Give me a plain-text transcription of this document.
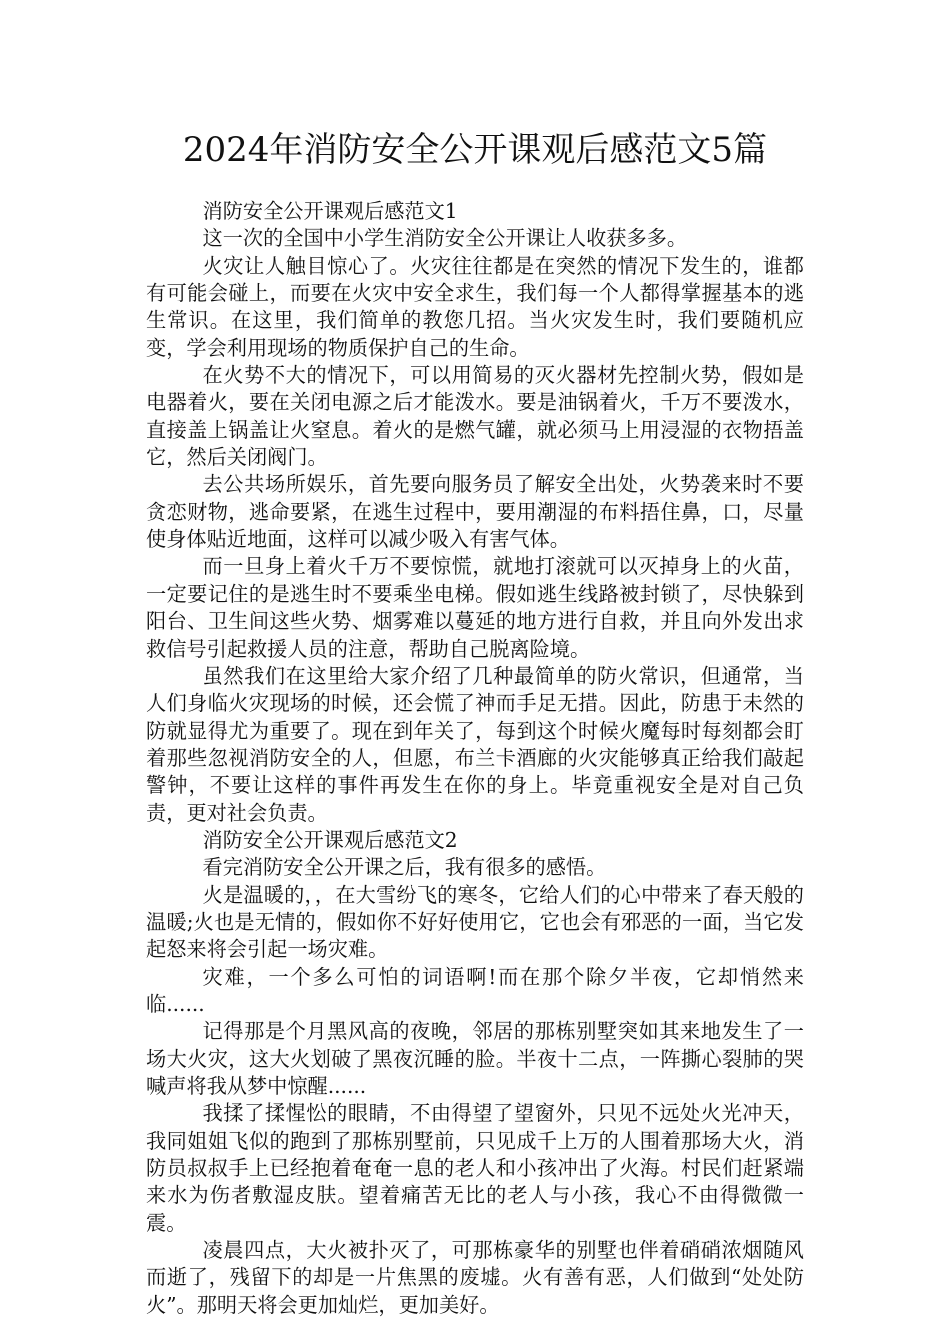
2024年消防安全公开课观后感范文5篇

消防安全公开课观后感范文1

这一次的全国中小学生消防安全公开课让人收获多多。

火灾让人触目惊心了。火灾往往都是在突然的情况下发生的，谁都有可能会碰上，而要在火灾中安全求生，我们每一个人都得掌握基本的逃生常识。在这里，我们简单的教您几招。当火灾发生时，我们要随机应变，学会利用现场的物质保护自己的生命。

在火势不大的情况下，可以用简易的灭火器材先控制火势，假如是电器着火，要在关闭电源之后才能泼水。要是油锅着火，千万不要泼水，直接盖上锅盖让火窒息。着火的是燃气罐，就必须马上用浸湿的衣物捂盖它，然后关闭阀门。

去公共场所娱乐，首先要向服务员了解安全出处，火势袭来时不要贪恋财物，逃命要紧，在逃生过程中，要用潮湿的布料捂住鼻，口，尽量使身体贴近地面，这样可以减少吸入有害气体。

而一旦身上着火千万不要惊慌，就地打滚就可以灭掉身上的火苗，一定要记住的是逃生时不要乘坐电梯。假如逃生线路被封锁了，尽快躲到阳台、卫生间这些火势、烟雾难以蔓延的地方进行自救，并且向外发出求救信号引起救援人员的注意，帮助自己脱离险境。

虽然我们在这里给大家介绍了几种最简单的防火常识，但通常，当人们身临火灾现场的时候，还会慌了神而手足无措。因此，防患于未然的防就显得尤为重要了。现在到年关了，每到这个时候火魔每时每刻都会盯着那些忽视消防安全的人，但愿，布兰卡酒廊的火灾能够真正给我们敲起警钟，不要让这样的事件再发生在你的身上。毕竟重视安全是对自己负责，更对社会负责。

消防安全公开课观后感范文2

看完消防安全公开课之后，我有很多的感悟。

火是温暖的，，在大雪纷飞的寒冬，它给人们的心中带来了春天般的温暖;火也是无情的，假如你不好好使用它，它也会有邪恶的一面，当它发起怒来将会引起一场灾难。

灾难，一个多么可怕的词语啊!而在那个除夕半夜，它却悄然来临......

记得那是个月黑风高的夜晚，邻居的那栋别墅突如其来地发生了一场大火灾，这大火划破了黑夜沉睡的脸。半夜十二点，一阵撕心裂肺的哭喊声将我从梦中惊醒......

我揉了揉惺忪的眼睛，不由得望了望窗外，只见不远处火光冲天，我同姐姐飞似的跑到了那栋别墅前，只见成千上万的人围着那场大火，消防员叔叔手上已经抱着奄奄一息的老人和小孩冲出了火海。村民们赶紧端来水为伤者敷湿皮肤。望着痛苦无比的老人与小孩，我心不由得微微一震。

凌晨四点，大火被扑灭了，可那栋豪华的别墅也伴着硝硝浓烟随风而逝了，残留下的却是一片焦黑的废墟。火有善有恶，人们做到“处处防火”。那明天将会更加灿烂，更加美好。
